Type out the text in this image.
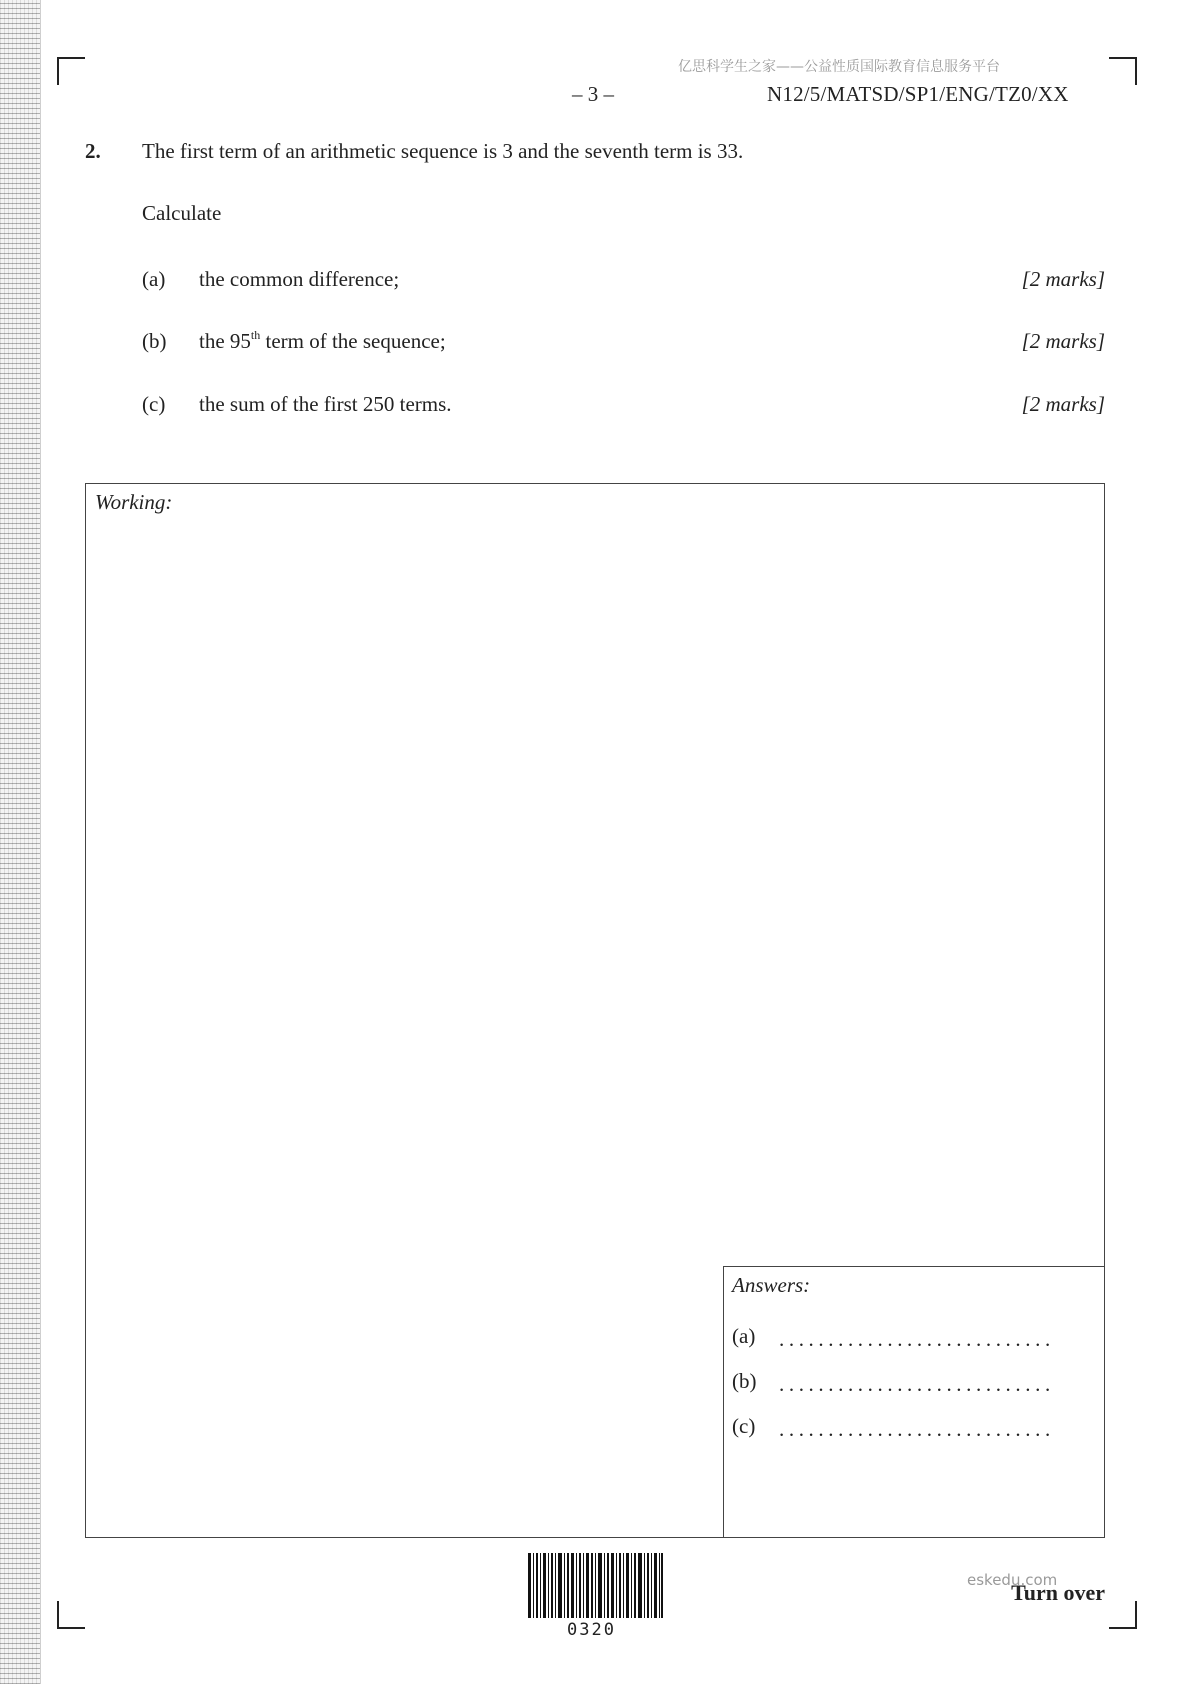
亿思科学生之家——公益性质国际教育信息服务平台
– 3 –	N12/5/MATSD/SP1/ENG/TZ0/XX
2. The first term of an arithmetic sequence is 3 and the seventh term is 33.
Calculate
(a) the common difference;	[2 marks]
(b) the 95th term of the sequence;	[2 marks]
(c) the sum of the first 250 terms.	[2 marks]
Working:
Answers:
(a) ............................
(b) ............................
(c) ............................
0320
eskedu.com
Turn over
